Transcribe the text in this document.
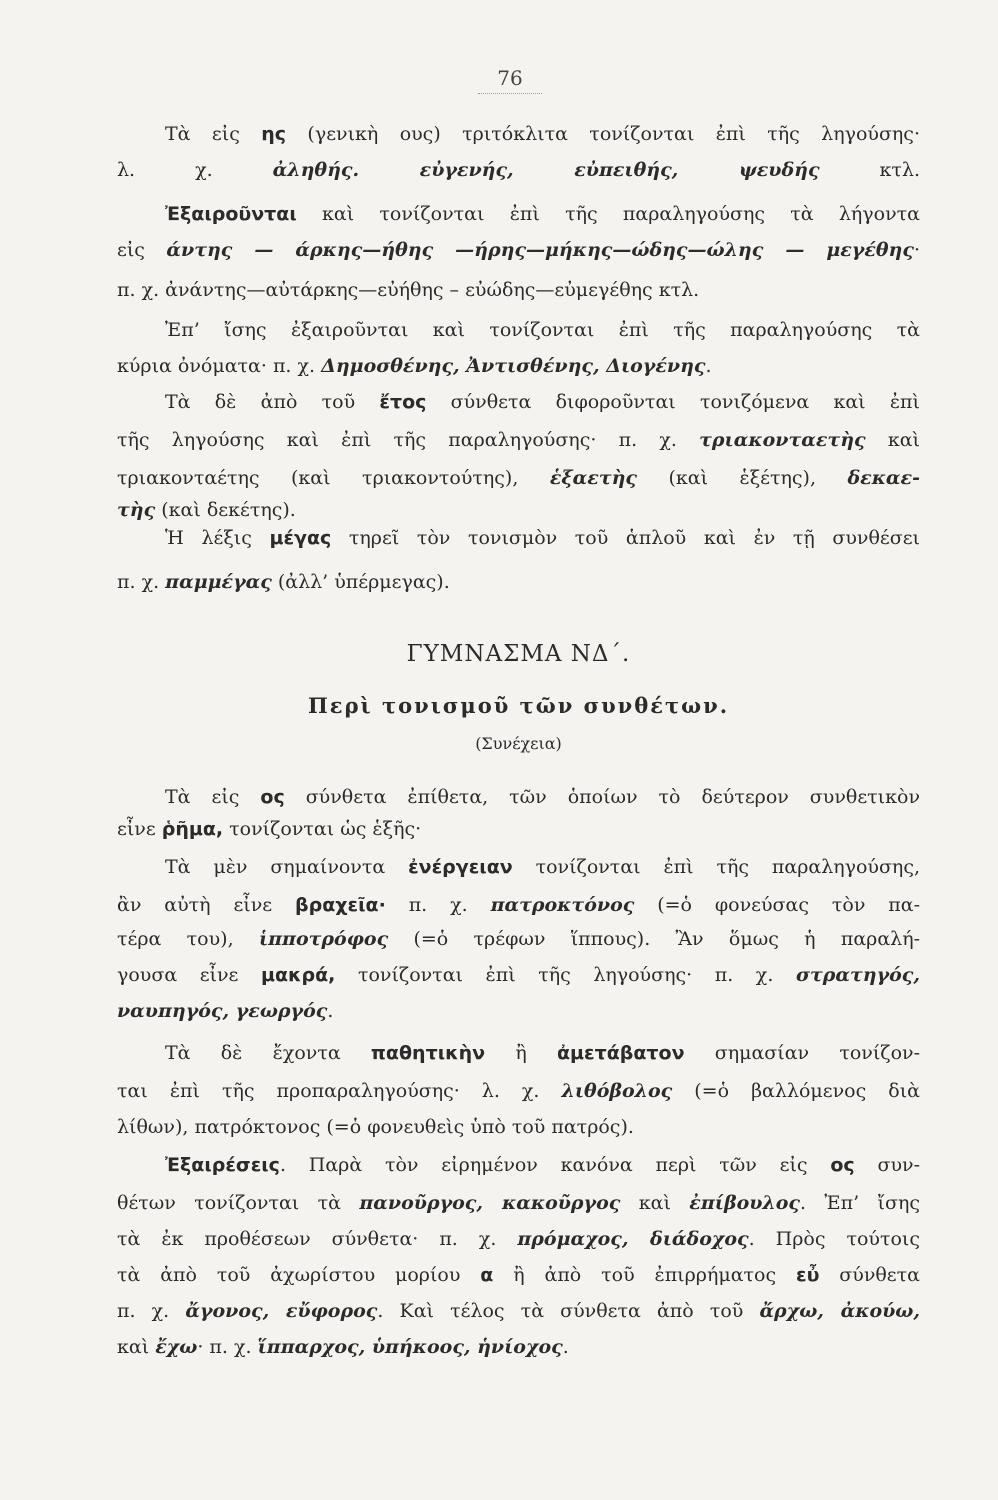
76
Τὰ εἰς ης (γενικὴ ους) τριτόκλιτα τονίζονται ἐπὶ τῆς ληγούσης·
λ. χ. ἀληθής. εὐγενής, εὐπειθής, ψευδής κτλ.
Ἐξαιροῦνται καὶ τονίζονται ἐπὶ τῆς παραληγούσης τὰ λήγοντα
εἰς άντης — άρκης—ήθης —ήρης—μήκης—ώδης—ώλης — μεγέθης·
π. χ. ἀνάντης—αὐτάρκης—εὐήθης – εὐώδης—εὐμεγέθης κτλ.
Ἐπ’ ἴσης ἐξαιροῦνται καὶ τονίζονται ἐπὶ τῆς παραληγούσης τὰ
κύρια ὀνόματα· π. χ. Δημοσθένης, Ἀντισθένης, Διογένης.
Τὰ δὲ ἀπὸ τοῦ ἔτος σύνθετα διφοροῦνται τονιζόμενα καὶ ἐπὶ
τῆς ληγούσης καὶ ἐπὶ τῆς παραληγούσης· π. χ. τριακονταετὴς καὶ
τριακονταέτης (καὶ τριακοντούτης), ἑξαετὴς (καὶ ἑξέτης), δεκαε-
τὴς (καὶ δεκέτης).
Ἡ λέξις μέγας τηρεῖ τὸν τονισμὸν τοῦ ἁπλοῦ καὶ ἐν τῇ συνθέσει
π. χ. παμμέγας (ἀλλ’ ὑπέρμεγας).
ΓΥΜΝΑΣΜΑ ΝΔ΄.
Περὶ τονισμοῦ τῶν συνθέτων.
(Συνέχεια)
Τὰ εἰς ος σύνθετα ἐπίθετα, τῶν ὁποίων τὸ δεύτερον συνθετικὸν
εἶνε ῥῆμα, τονίζονται ὡς ἑξῆς·
Τὰ μὲν σημαίνοντα ἐνέργειαν τονίζονται ἐπὶ τῆς παραληγούσης,
ἂν αὐτὴ εἶνε βραχεῖα· π. χ. πατροκτόνος (=ὁ φονεύσας τὸν πα-
τέρα του), ἱπποτρόφος (=ὁ τρέφων ἵππους). Ἂν ὅμως ἡ παραλή-
γουσα εἶνε μακρά, τονίζονται ἐπὶ τῆς ληγούσης· π. χ. στρατηγός,
ναυπηγός, γεωργός.
Τὰ δὲ ἔχοντα παθητικὴν ἢ ἀμετάβατον σημασίαν τονίζον-
ται ἐπὶ τῆς προπαραληγούσης· λ. χ. λιθόβολος (=ὁ βαλλόμενος διὰ
λίθων), πατρόκτονος (=ὁ φονευθεὶς ὑπὸ τοῦ πατρός).
Ἐξαιρέσεις. Παρὰ τὸν εἰρημένον κανόνα περὶ τῶν εἰς ος συν-
θέτων τονίζονται τὰ πανοῦργος, κακοῦργος καὶ ἐπίβουλος. Ἐπ’ ἴσης
τὰ ἐκ προθέσεων σύνθετα· π. χ. πρόμαχος, διάδοχος. Πρὸς τούτοις
τὰ ἀπὸ τοῦ ἀχωρίστου μορίου α ἢ ἀπὸ τοῦ ἐπιρρήματος εὖ σύνθετα
π. χ. ἄγονος, εὔφορος. Καὶ τέλος τὰ σύνθετα ἀπὸ τοῦ ἄρχω, ἀκούω,
καὶ ἔχω· π. χ. ἵππαρχος, ὑπήκοος, ἡνίοχος.
